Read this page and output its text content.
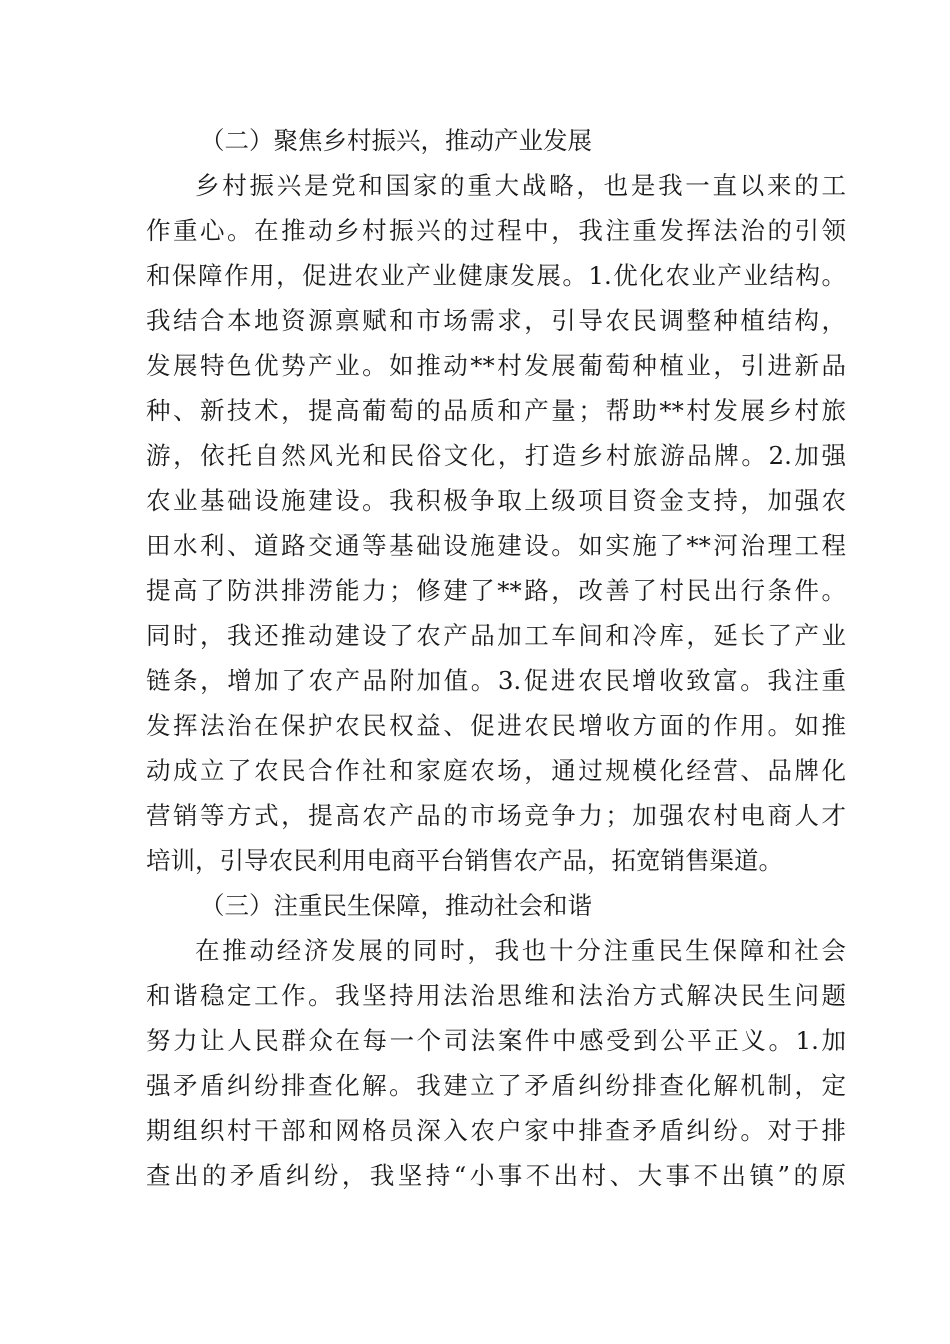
（二）聚焦乡村振兴，推动产业发展
乡村振兴是党和国家的重大战略，也是我一直以来的工
作重心。在推动乡村振兴的过程中，我注重发挥法治的引领
和保障作用，促进农业产业健康发展。1.优化农业产业结构。
我结合本地资源禀赋和市场需求，引导农民调整种植结构，
发展特色优势产业。如推动**村发展葡萄种植业，引进新品
种、新技术，提高葡萄的品质和产量；帮助**村发展乡村旅
游，依托自然风光和民俗文化，打造乡村旅游品牌。2.加强
农业基础设施建设。我积极争取上级项目资金支持，加强农
田水利、道路交通等基础设施建设。如实施了**河治理工程
提高了防洪排涝能力；修建了**路，改善了村民出行条件。
同时，我还推动建设了农产品加工车间和冷库，延长了产业
链条，增加了农产品附加值。3.促进农民增收致富。我注重
发挥法治在保护农民权益、促进农民增收方面的作用。如推
动成立了农民合作社和家庭农场，通过规模化经营、品牌化
营销等方式，提高农产品的市场竞争力；加强农村电商人才
培训，引导农民利用电商平台销售农产品，拓宽销售渠道。
（三）注重民生保障，推动社会和谐
在推动经济发展的同时，我也十分注重民生保障和社会
和谐稳定工作。我坚持用法治思维和法治方式解决民生问题
努力让人民群众在每一个司法案件中感受到公平正义。1.加
强矛盾纠纷排查化解。我建立了矛盾纠纷排查化解机制，定
期组织村干部和网格员深入农户家中排查矛盾纠纷。对于排
查出的矛盾纠纷，我坚持“小事不出村、大事不出镇”的原
